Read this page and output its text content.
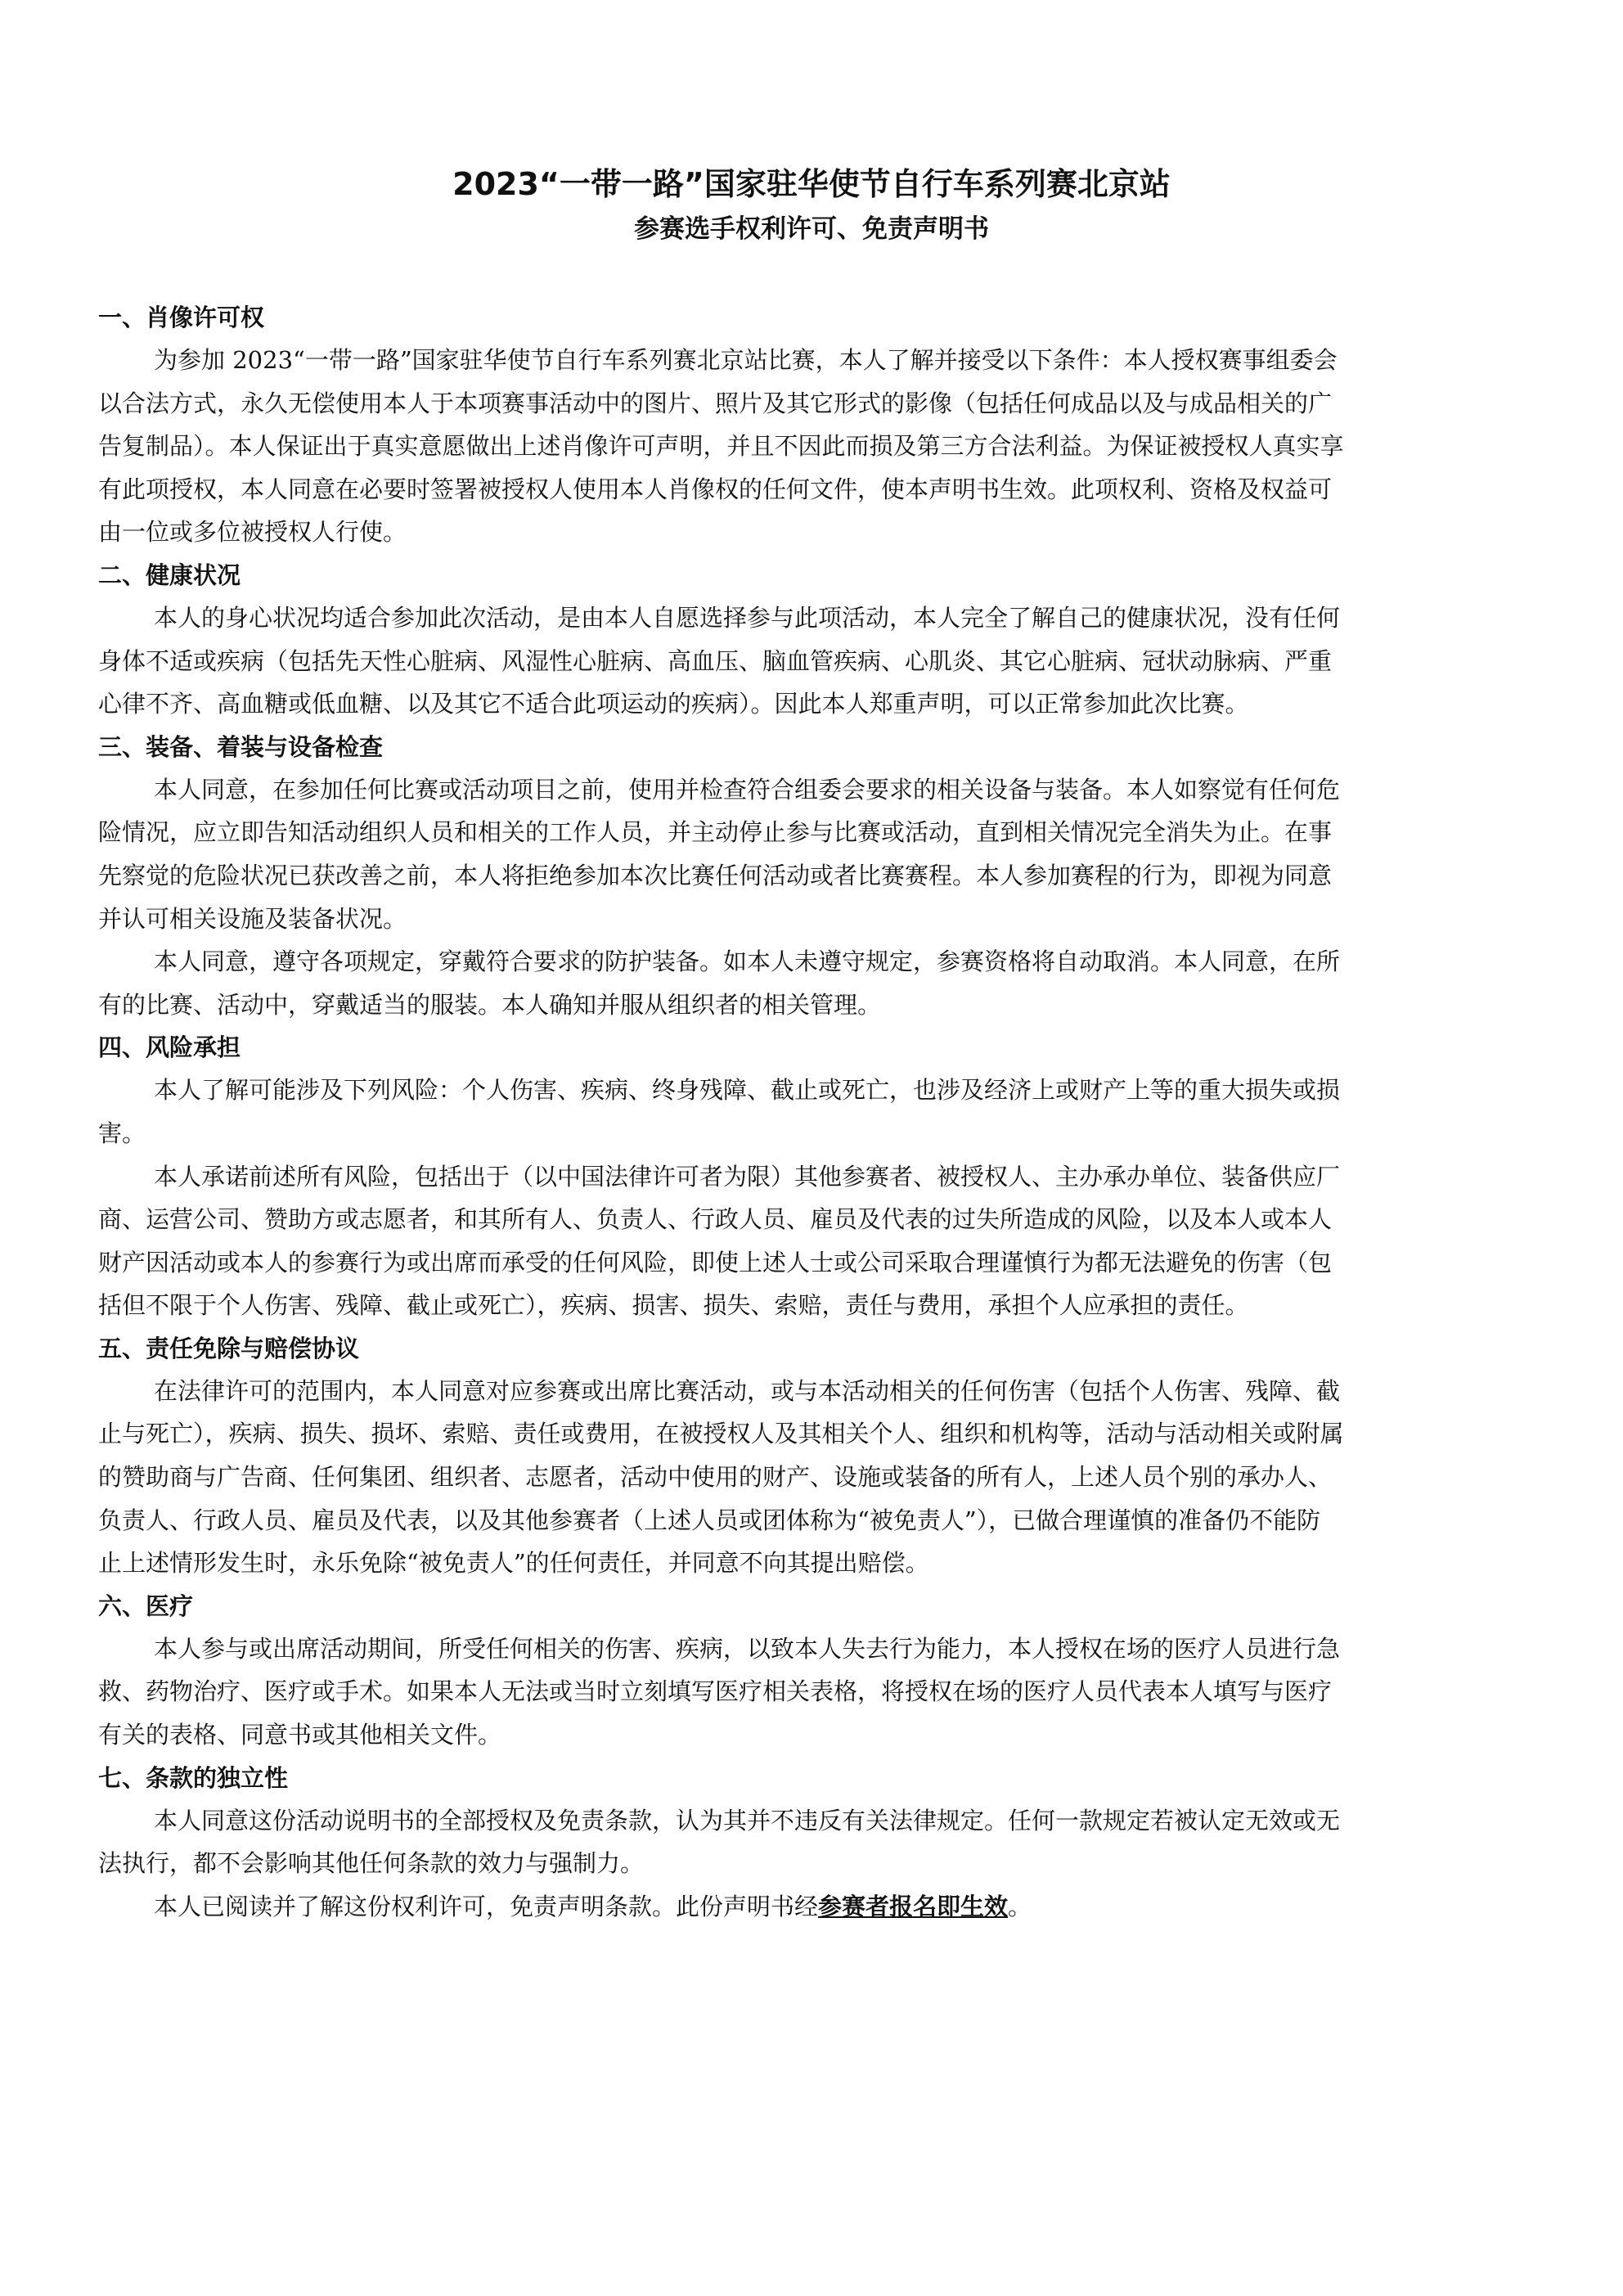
2023“一带一路”国家驻华使节自行车系列赛北京站
参赛选手权利许可、免责声明书
一、肖像许可权
为参加 2023“一带一路”国家驻华使节自行车系列赛北京站比赛，本人了解并接受以下条件：本人授权赛事组委会
以合法方式，永久无偿使用本人于本项赛事活动中的图片、照片及其它形式的影像（包括任何成品以及与成品相关的广
告复制品）。本人保证出于真实意愿做出上述肖像许可声明，并且不因此而损及第三方合法利益。为保证被授权人真实享
有此项授权，本人同意在必要时签署被授权人使用本人肖像权的任何文件，使本声明书生效。此项权利、资格及权益可
由一位或多位被授权人行使。
二、健康状况
本人的身心状况均适合参加此次活动，是由本人自愿选择参与此项活动，本人完全了解自己的健康状况，没有任何
身体不适或疾病（包括先天性心脏病、风湿性心脏病、高血压、脑血管疾病、心肌炎、其它心脏病、冠状动脉病、严重
心律不齐、高血糖或低血糖、以及其它不适合此项运动的疾病）。因此本人郑重声明，可以正常参加此次比赛。
三、装备、着装与设备检查
本人同意，在参加任何比赛或活动项目之前，使用并检查符合组委会要求的相关设备与装备。本人如察觉有任何危
险情况，应立即告知活动组织人员和相关的工作人员，并主动停止参与比赛或活动，直到相关情况完全消失为止。在事
先察觉的危险状况已获改善之前，本人将拒绝参加本次比赛任何活动或者比赛赛程。本人参加赛程的行为，即视为同意
并认可相关设施及装备状况。
本人同意，遵守各项规定，穿戴符合要求的防护装备。如本人未遵守规定，参赛资格将自动取消。本人同意，在所
有的比赛、活动中，穿戴适当的服装。本人确知并服从组织者的相关管理。
四、风险承担
本人了解可能涉及下列风险：个人伤害、疾病、终身残障、截止或死亡，也涉及经济上或财产上等的重大损失或损
害。
本人承诺前述所有风险，包括出于（以中国法律许可者为限）其他参赛者、被授权人、主办承办单位、装备供应厂
商、运营公司、赞助方或志愿者，和其所有人、负责人、行政人员、雇员及代表的过失所造成的风险，以及本人或本人
财产因活动或本人的参赛行为或出席而承受的任何风险，即使上述人士或公司采取合理谨慎行为都无法避免的伤害（包
括但不限于个人伤害、残障、截止或死亡），疾病、损害、损失、索赔，责任与费用，承担个人应承担的责任。
五、责任免除与赔偿协议
在法律许可的范围内，本人同意对应参赛或出席比赛活动，或与本活动相关的任何伤害（包括个人伤害、残障、截
止与死亡），疾病、损失、损坏、索赔、责任或费用，在被授权人及其相关个人、组织和机构等，活动与活动相关或附属
的赞助商与广告商、任何集团、组织者、志愿者，活动中使用的财产、设施或装备的所有人，上述人员个别的承办人、
负责人、行政人员、雇员及代表，以及其他参赛者（上述人员或团体称为“被免责人”），已做合理谨慎的准备仍不能防
止上述情形发生时，永乐免除“被免责人”的任何责任，并同意不向其提出赔偿。
六、医疗
本人参与或出席活动期间，所受任何相关的伤害、疾病，以致本人失去行为能力，本人授权在场的医疗人员进行急
救、药物治疗、医疗或手术。如果本人无法或当时立刻填写医疗相关表格，将授权在场的医疗人员代表本人填写与医疗
有关的表格、同意书或其他相关文件。
七、条款的独立性
本人同意这份活动说明书的全部授权及免责条款，认为其并不违反有关法律规定。任何一款规定若被认定无效或无
法执行，都不会影响其他任何条款的效力与强制力。
本人已阅读并了解这份权利许可，免责声明条款。此份声明书经参赛者报名即生效。
